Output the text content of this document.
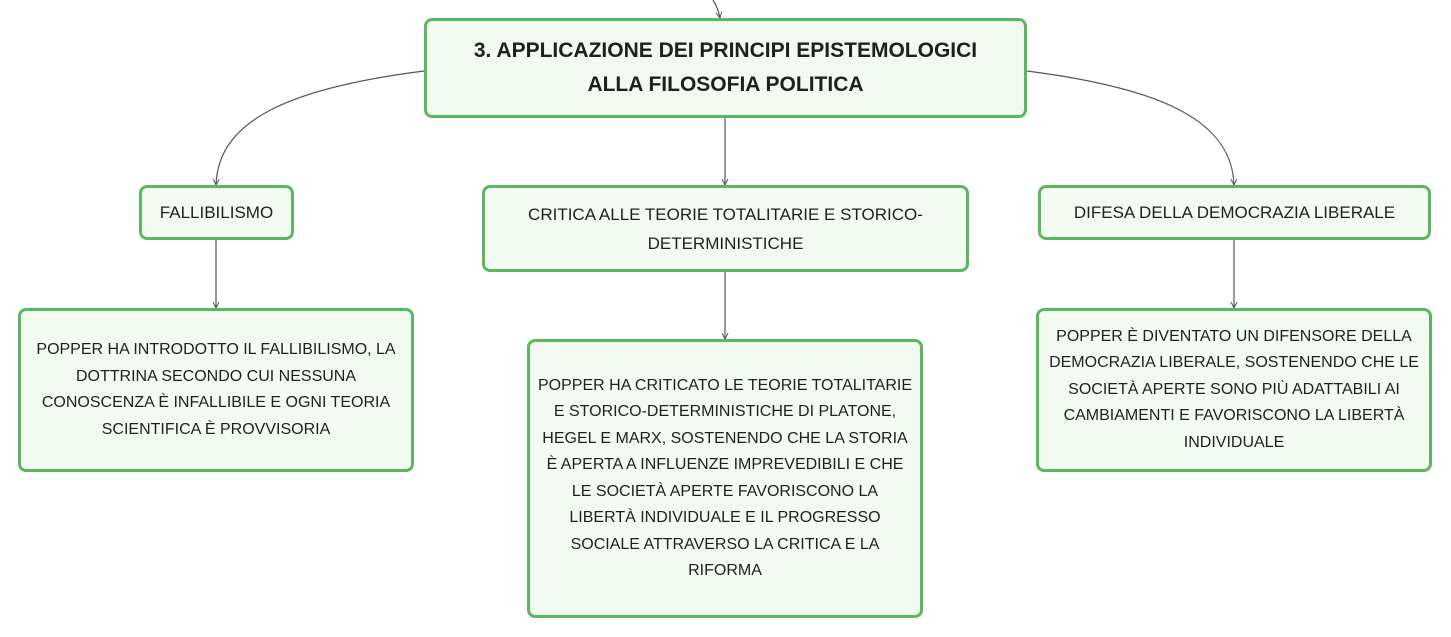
3. APPLICAZIONE DEI PRINCIPI EPISTEMOLOGICI
ALLA FILOSOFIA POLITICA
FALLIBILISMO	CRITICA ALLE TEORIE TOTALITARIE E STORICO-DETERMINISTICHE
DIFESA DELLA DEMOCRAZIA LIBERALE
POPPER HA INTRODOTTO IL FALLIBILISMO, LA DOTTRINA SECONDO CUI NESSUNA CONOSCENZA È INFALLIBILE E OGNI TEORIA SCIENTIFICA È PROVVISORIA
POPPER HA CRITICATO LE TEORIE TOTALITARIE E STORICO-DETERMINISTICHE DI PLATONE, HEGEL E MARX, SOSTENENDO CHE LA STORIA È APERTA A INFLUENZE IMPREVEDIBILI E CHE LE SOCIETÀ APERTE FAVORISCONO LA LIBERTÀ INDIVIDUALE E IL PROGRESSO SOCIALE ATTRAVERSO LA CRITICA E LA RIFORMA
POPPER È DIVENTATO UN DIFENSORE DELLA DEMOCRAZIA LIBERALE, SOSTENENDO CHE LE SOCIETÀ APERTE SONO PIÙ ADATTABILI AI CAMBIAMENTI E FAVORISCONO LA LIBERTÀ INDIVIDUALE
